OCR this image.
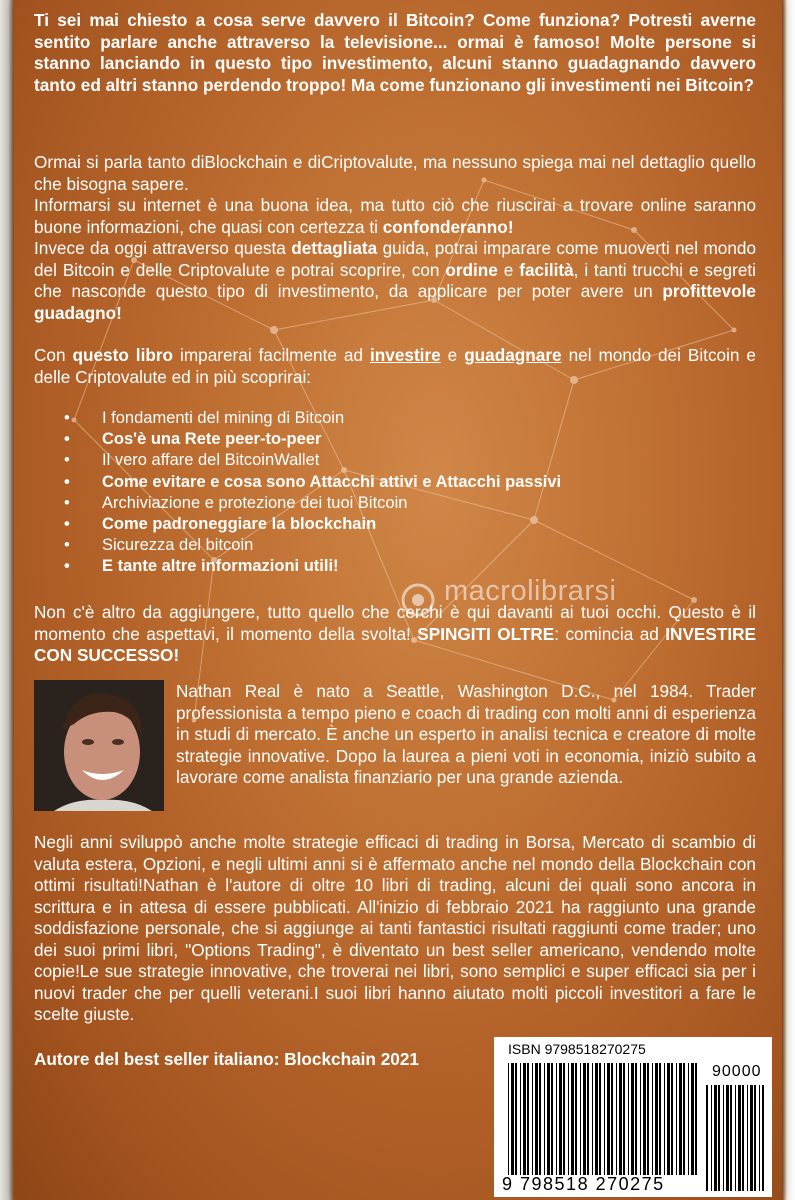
Ti sei mai chiesto a cosa serve davvero il Bitcoin? Come funziona? Potresti averne sentito parlare anche attraverso la televisione... ormai è famoso! Molte persone si stanno lanciando in questo tipo investimento, alcuni stanno guadagnando davvero tanto ed altri stanno perdendo troppo! Ma come funzionano gli investimenti nei Bitcoin?
Ormai si parla tanto diBlockchain e diCriptovalute, ma nessuno spiega mai nel dettaglio quello che bisogna sapere.
Informarsi su internet è una buona idea, ma tutto ciò che riuscirai a trovare online saranno buone informazioni, che quasi con certezza ti confonderanno!
Invece da oggi attraverso questa dettagliata guida, potrai imparare come muoverti nel mondo del Bitcoin e delle Criptovalute e potrai scoprire, con ordine e facilità, i tanti trucchi e segreti che nasconde questo tipo di investimento, da applicare per poter avere un profittevole guadagno!
Con questo libro imparerai facilmente ad investire e guadagnare nel mondo dei Bitcoin e delle Criptovalute ed in più scoprirai:
• I fondamenti del mining di Bitcoin
• Cos'è una Rete peer-to-peer
• Il vero affare del BitcoinWallet
• Come evitare e cosa sono Attacchi attivi e Attacchi passivi
• Archiviazione e protezione dei tuoi Bitcoin
• Come padroneggiare la blockchain
• Sicurezza del bitcoin
• E tante altre informazioni utili!
macrolibrarsi
Non c'è altro da aggiungere, tutto quello che cerchi è qui davanti ai tuoi occhi. Questo è il momento che aspettavi, il momento della svolta! SPINGITI OLTRE: comincia ad INVESTIRE CON SUCCESSO!
Nathan Real è nato a Seattle, Washington D.C., nel 1984. Trader professionista a tempo pieno e coach di trading con molti anni di esperienza in studi di mercato. È anche un esperto in analisi tecnica e creatore di molte strategie innovative. Dopo la laurea a pieni voti in economia, iniziò subito a lavorare come analista finanziario per una grande azienda.
Negli anni sviluppò anche molte strategie efficaci di trading in Borsa, Mercato di scambio di valuta estera, Opzioni, e negli ultimi anni si è affermato anche nel mondo della Blockchain con ottimi risultati!Nathan è l'autore di oltre 10 libri di trading, alcuni dei quali sono ancora in scrittura e in attesa di essere pubblicati. All'inizio di febbraio 2021 ha raggiunto una grande soddisfazione personale, che si aggiunge ai tanti fantastici risultati raggiunti come trader; uno dei suoi primi libri, "Options Trading", è diventato un best seller americano, vendendo molte copie!Le sue strategie innovative, che troverai nei libri, sono semplici e super efficaci sia per i nuovi trader che per quelli veterani.I suoi libri hanno aiutato molti piccoli investitori a fare le scelte giuste.
Autore del best seller italiano: Blockchain 2021	ISBN 9798518270275
90000
9 798518 270275
